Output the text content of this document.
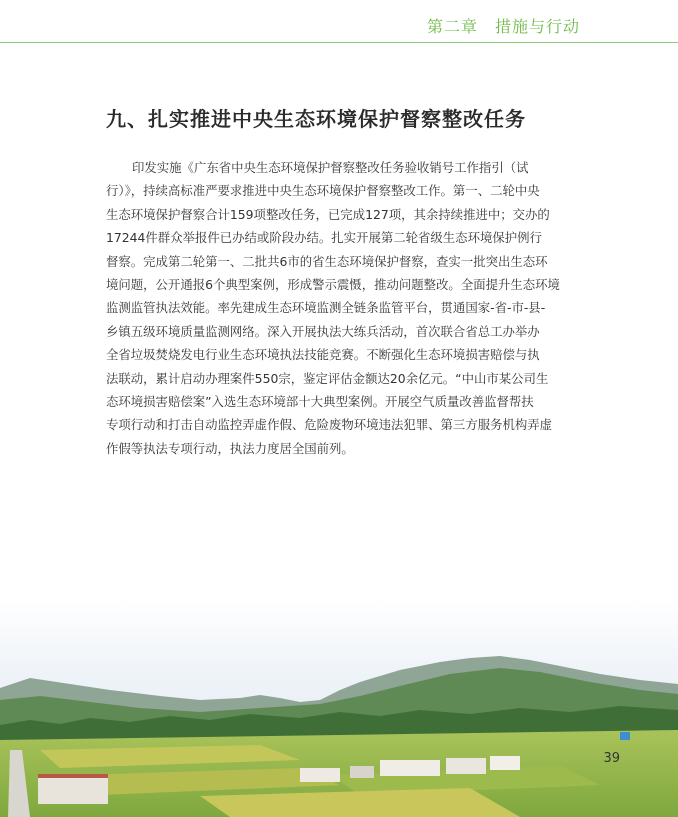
第二章　措施与行动
九、扎实推进中央生态环境保护督察整改任务
印发实施《广东省中央生态环境保护督察整改任务验收销号工作指引（试
行）》，持续高标准严要求推进中央生态环境保护督察整改工作。第一、二轮中央
生态环境保护督察合计159项整改任务，已完成127项，其余持续推进中；交办的
17244件群众举报件已办结或阶段办结。扎实开展第二轮省级生态环境保护例行
督察。完成第二轮第一、二批共6市的省生态环境保护督察，查实一批突出生态环
境问题，公开通报6个典型案例，形成警示震慑，推动问题整改。全面提升生态环境
监测监管执法效能。率先建成生态环境监测全链条监管平台，贯通国家-省-市-县-
乡镇五级环境质量监测网络。深入开展执法大练兵活动，首次联合省总工办举办
全省垃圾焚烧发电行业生态环境执法技能竞赛。不断强化生态环境损害赔偿与执
法联动，累计启动办理案件550宗，鉴定评估金额达20余亿元。“中山市某公司生
态环境损害赔偿案”入选生态环境部十大典型案例。开展空气质量改善监督帮扶
专项行动和打击自动监控弄虚作假、危险废物环境违法犯罪、第三方服务机构弄虚
作假等执法专项行动，执法力度居全国前列。
39
